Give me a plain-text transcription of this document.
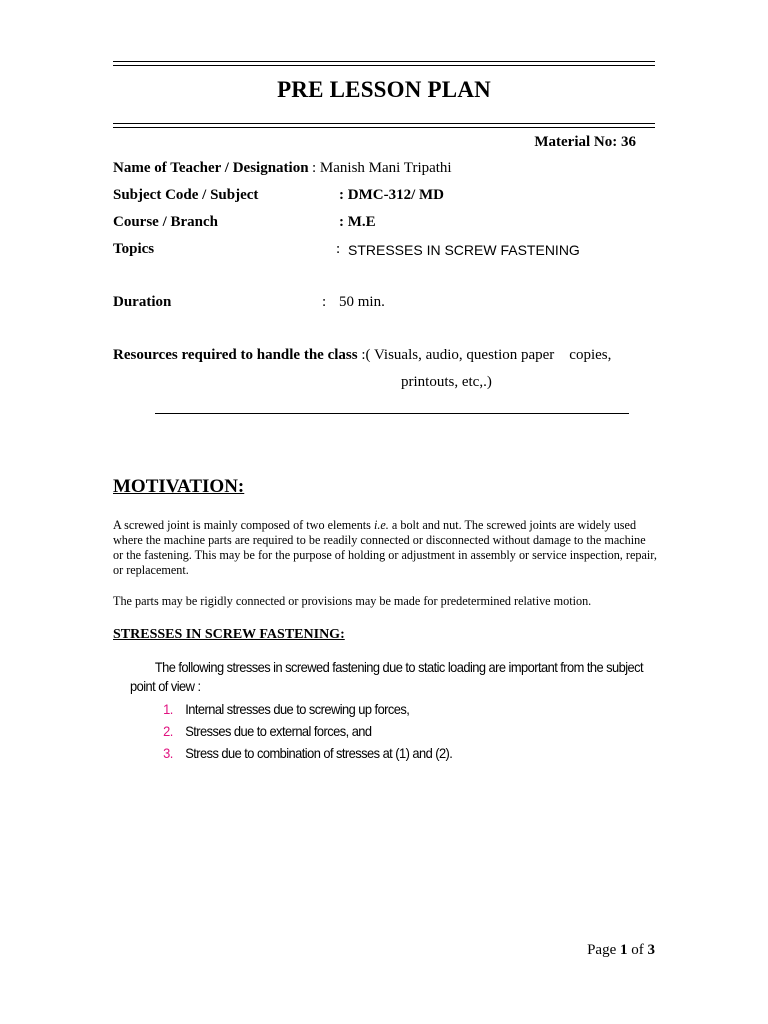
PRE LESSON PLAN
Material No: 36
Name of Teacher / Designation : Manish Mani Tripathi
Subject Code / Subject	: DMC-312/ MD
Course / Branch	: M.E
Topics	: STRESSES IN SCREW FASTENING
Duration	: 50 min.
Resources required to handle the class :( Visuals, audio, question paper    copies,
printouts, etc,.)
MOTIVATION:
A screwed joint is mainly composed of two elements i.e. a bolt and nut. The screwed joints are widely used where the machine parts are required to be readily connected or disconnected without damage to the machine or the fastening. This may be for the purpose of holding or adjustment in assembly or service inspection, repair, or replacement.
The parts may be rigidly connected or provisions may be made for predetermined relative motion.
STRESSES IN SCREW FASTENING:
The following stresses in screwed fastening due to static loading are important from the subject
point of view :
1. Internal stresses due to screwing up forces,

2. Stresses due to external forces, and

3. Stress due to combination of stresses at (1) and (2).

Page 1 of 3
